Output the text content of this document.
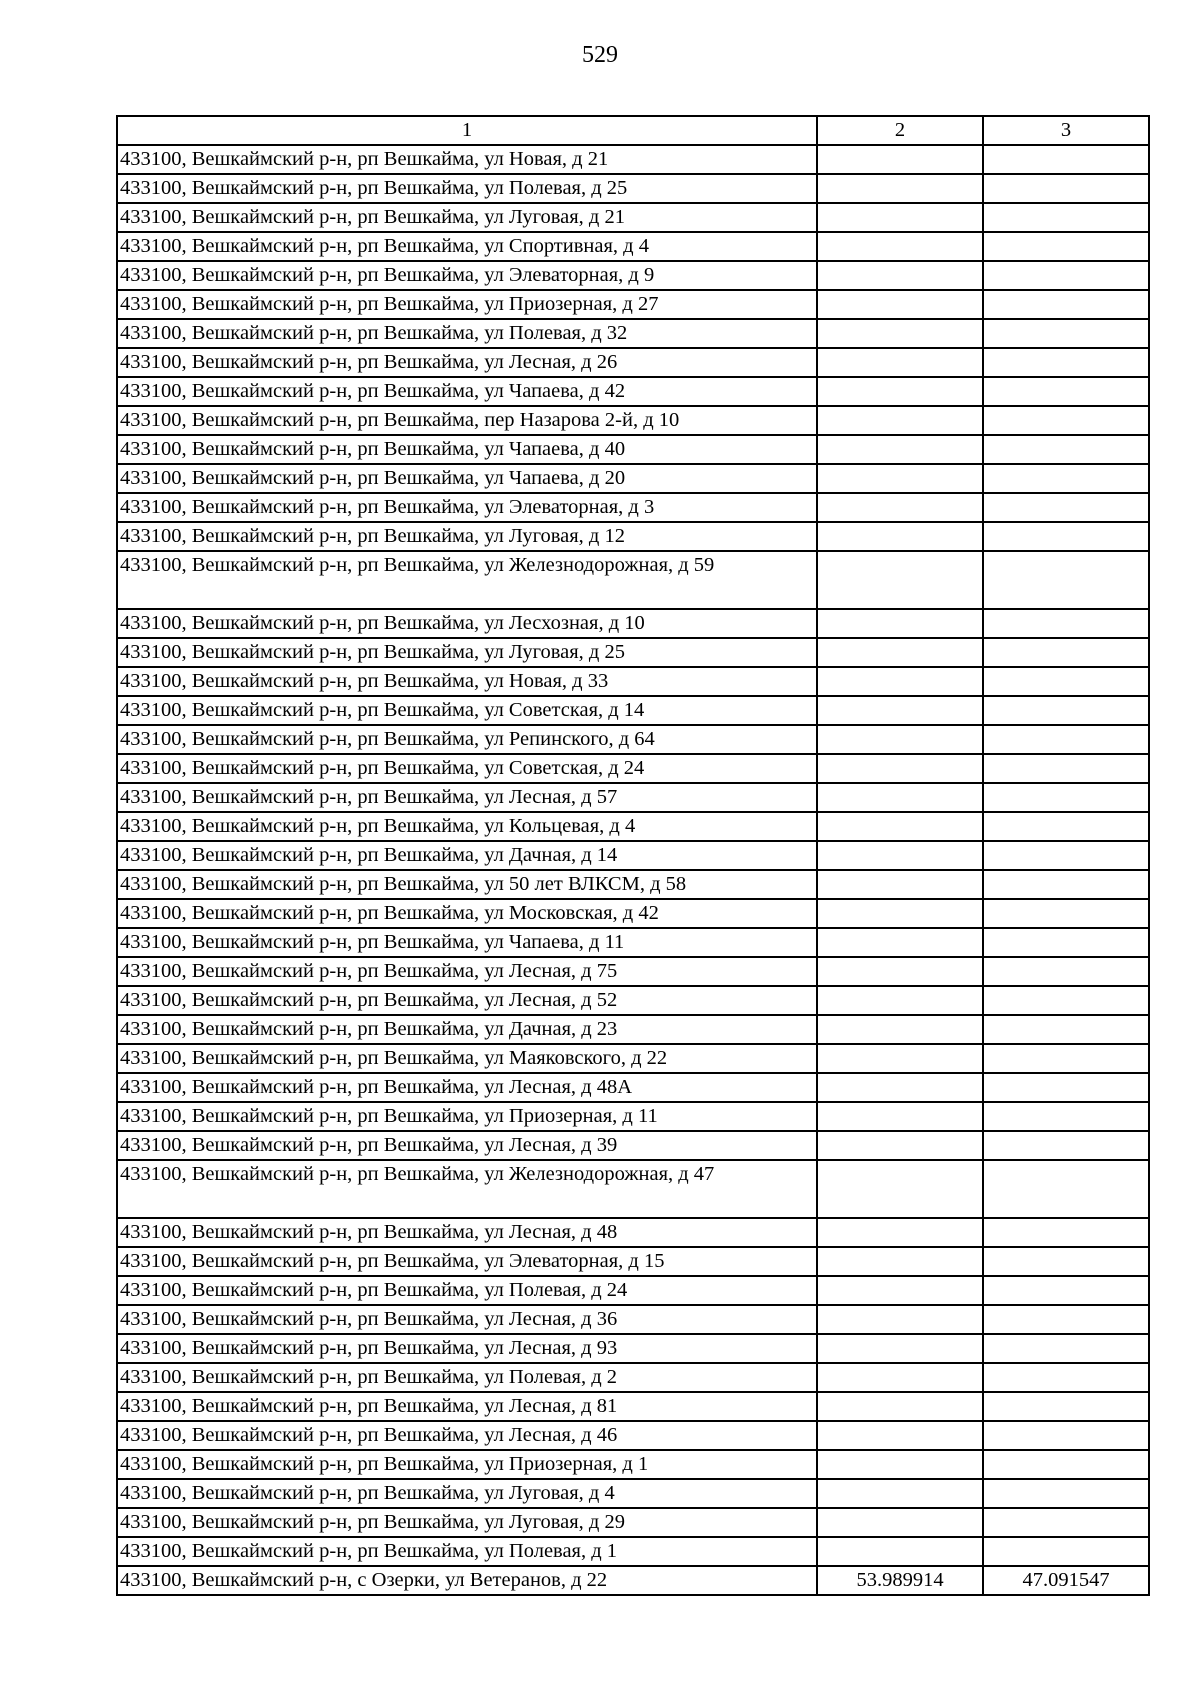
529
1	2	3
433100, Вешкаймский р-н, рп Вешкайма, ул Новая, д 21		
433100, Вешкаймский р-н, рп Вешкайма, ул Полевая, д 25		
433100, Вешкаймский р-н, рп Вешкайма, ул Луговая, д 21		
433100, Вешкаймский р-н, рп Вешкайма, ул Спортивная, д 4		
433100, Вешкаймский р-н, рп Вешкайма, ул Элеваторная, д 9		
433100, Вешкаймский р-н, рп Вешкайма, ул Приозерная, д 27		
433100, Вешкаймский р-н, рп Вешкайма, ул Полевая, д 32		
433100, Вешкаймский р-н, рп Вешкайма, ул Лесная, д 26		
433100, Вешкаймский р-н, рп Вешкайма, ул Чапаева, д 42		
433100, Вешкаймский р-н, рп Вешкайма, пер Назарова 2-й, д 10		
433100, Вешкаймский р-н, рп Вешкайма, ул Чапаева, д 40		
433100, Вешкаймский р-н, рп Вешкайма, ул Чапаева, д 20		
433100, Вешкаймский р-н, рп Вешкайма, ул Элеваторная, д 3		
433100, Вешкаймский р-н, рп Вешкайма, ул Луговая, д 12		
433100, Вешкаймский р-н, рп Вешкайма, ул Железнодорожная, д 59		
433100, Вешкаймский р-н, рп Вешкайма, ул Лесхозная, д 10		
433100, Вешкаймский р-н, рп Вешкайма, ул Луговая, д 25		
433100, Вешкаймский р-н, рп Вешкайма, ул Новая, д 33		
433100, Вешкаймский р-н, рп Вешкайма, ул Советская, д 14		
433100, Вешкаймский р-н, рп Вешкайма, ул Репинского, д 64		
433100, Вешкаймский р-н, рп Вешкайма, ул Советская, д 24		
433100, Вешкаймский р-н, рп Вешкайма, ул Лесная, д 57		
433100, Вешкаймский р-н, рп Вешкайма, ул Кольцевая, д 4		
433100, Вешкаймский р-н, рп Вешкайма, ул Дачная, д 14		
433100, Вешкаймский р-н, рп Вешкайма, ул 50 лет ВЛКСМ, д 58		
433100, Вешкаймский р-н, рп Вешкайма, ул Московская, д 42		
433100, Вешкаймский р-н, рп Вешкайма, ул Чапаева, д 11		
433100, Вешкаймский р-н, рп Вешкайма, ул Лесная, д 75		
433100, Вешкаймский р-н, рп Вешкайма, ул Лесная, д 52		
433100, Вешкаймский р-н, рп Вешкайма, ул Дачная, д 23		
433100, Вешкаймский р-н, рп Вешкайма, ул Маяковского, д 22		
433100, Вешкаймский р-н, рп Вешкайма, ул Лесная, д 48А		
433100, Вешкаймский р-н, рп Вешкайма, ул Приозерная, д 11		
433100, Вешкаймский р-н, рп Вешкайма, ул Лесная, д 39		
433100, Вешкаймский р-н, рп Вешкайма, ул Железнодорожная, д 47		
433100, Вешкаймский р-н, рп Вешкайма, ул Лесная, д 48		
433100, Вешкаймский р-н, рп Вешкайма, ул Элеваторная, д 15		
433100, Вешкаймский р-н, рп Вешкайма, ул Полевая, д 24		
433100, Вешкаймский р-н, рп Вешкайма, ул Лесная, д 36		
433100, Вешкаймский р-н, рп Вешкайма, ул Лесная, д 93		
433100, Вешкаймский р-н, рп Вешкайма, ул Полевая, д 2		
433100, Вешкаймский р-н, рп Вешкайма, ул Лесная, д 81		
433100, Вешкаймский р-н, рп Вешкайма, ул Лесная, д 46		
433100, Вешкаймский р-н, рп Вешкайма, ул Приозерная, д 1		
433100, Вешкаймский р-н, рп Вешкайма, ул Луговая, д 4		
433100, Вешкаймский р-н, рп Вешкайма, ул Луговая, д 29		
433100, Вешкаймский р-н, рп Вешкайма, ул Полевая, д 1		
433100, Вешкаймский р-н, с Озерки, ул Ветеранов, д 22	53.989914	47.091547
